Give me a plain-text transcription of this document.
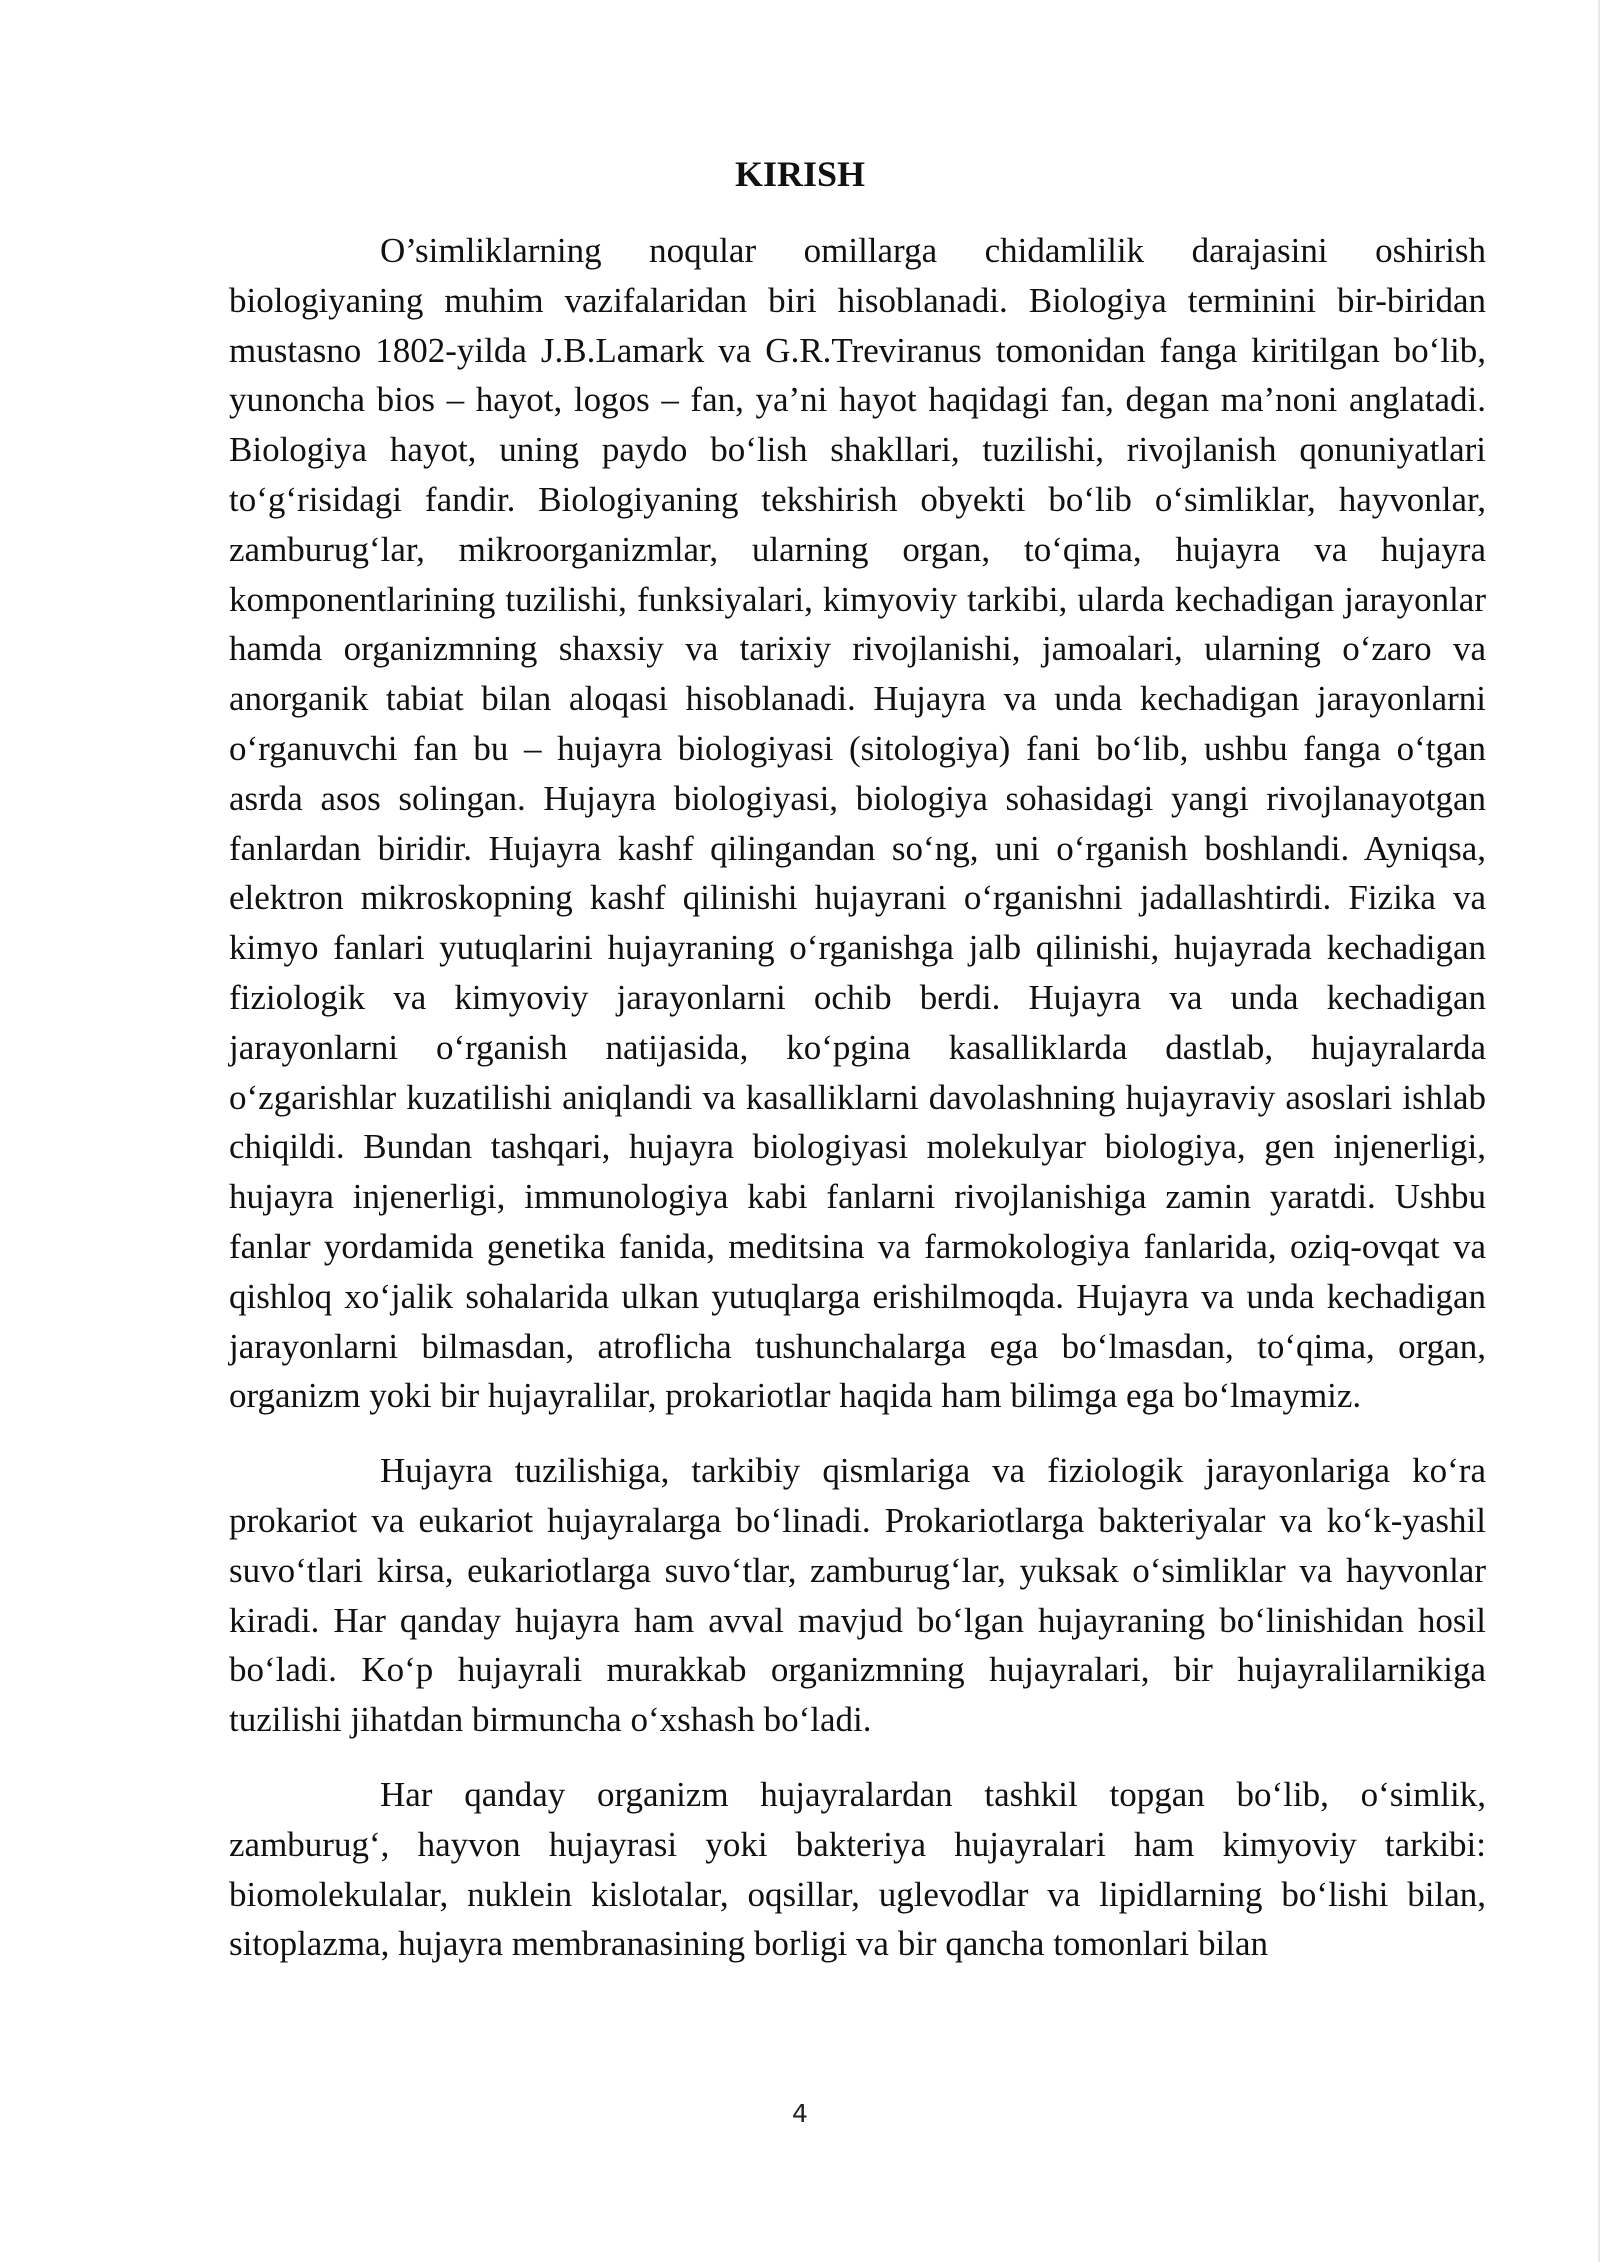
KIRISH

O’simliklarning noqular omillarga chidamlilik darajasini oshirish biologiyaning muhim vazifalaridan biri hisoblanadi. Biologiya terminini bir-biridan mustasno 1802-yilda J.B.Lamark va G.R.Treviranus tomonidan fanga kiritilgan bo‘lib, yunoncha bios – hayot, logos – fan, ya’ni hayot haqidagi fan, degan ma’noni anglatadi. Biologiya hayot, uning paydo bo‘lish shakllari, tuzilishi, rivojlanish qonuniyatlari to‘g‘risidagi fandir. Biologiyaning tekshirish obyekti bo‘lib o‘simliklar, hayvonlar, zamburug‘lar, mikroorganizmlar, ularning organ, to‘qima, hujayra va hujayra komponentlarining tuzilishi, funksiyalari, kimyoviy tarkibi, ularda kechadigan jarayonlar hamda organizmning shaxsiy va tarixiy rivojlanishi, jamoalari, ularning o‘zaro va anorganik tabiat bilan aloqasi hisoblanadi. Hujayra va unda kechadigan jarayonlarni o‘rganuvchi fan bu – hujayra biologiyasi (sitologiya) fani bo‘lib, ushbu fanga o‘tgan asrda asos solingan. Hujayra biologiyasi, biologiya sohasidagi yangi rivojlanayotgan fanlardan biridir. Hujayra kashf qilingandan so‘ng, uni o‘rganish boshlandi. Ayniqsa, elektron mikroskopning kashf qilinishi hujayrani o‘rganishni jadallashtirdi. Fizika va kimyo fanlari yutuqlarini hujayraning o‘rganishga jalb qilinishi, hujayrada kechadigan fiziologik va kimyoviy jarayonlarni ochib berdi. Hujayra va unda kechadigan jarayonlarni o‘rganish natijasida, ko‘pgina kasalliklarda dastlab, hujayralarda o‘zgarishlar kuzatilishi aniqlandi va kasalliklarni davolashning hujayraviy asoslari ishlab chiqildi. Bundan tashqari, hujayra biologiyasi molekulyar biologiya, gen injenerligi, hujayra injenerligi, immunologiya kabi fanlarni rivojlanishiga zamin yaratdi. Ushbu fanlar yordamida genetika fanida, meditsina va farmokologiya fanlarida, oziq-ovqat va qishloq xo‘jalik sohalarida ulkan yutuqlarga erishilmoqda. Hujayra va unda kechadigan jarayonlarni bilmasdan, atroflicha tushunchalarga ega bo‘lmasdan, to‘qima, organ, organizm yoki bir hujayralilar, prokariotlar haqida ham bilimga ega bo‘lmaymiz.

Hujayra tuzilishiga, tarkibiy qismlariga va fiziologik jarayonlariga ko‘ra prokariot va eukariot hujayralarga bo‘linadi. Prokariotlarga bakteriyalar va ko‘k-yashil suvo‘tlari kirsa, eukariotlarga suvo‘tlar, zamburug‘lar, yuksak o‘simliklar va hayvonlar kiradi. Har qanday hujayra ham avval mavjud bo‘lgan hujayraning bo‘linishidan hosil bo‘ladi. Ko‘p hujayrali murakkab organizmning hujayralari, bir hujayralilarnikiga tuzilishi jihatdan birmuncha o‘xshash bo‘ladi.

Har qanday organizm hujayralardan tashkil topgan bo‘lib, o‘simlik, zamburug‘, hayvon hujayrasi yoki bakteriya hujayralari ham kimyoviy tarkibi: biomolekulalar, nuklein kislotalar, oqsillar, uglevodlar va lipidlarning bo‘lishi bilan, sitoplazma, hujayra membranasining borligi va bir qancha tomonlari bilan

4
